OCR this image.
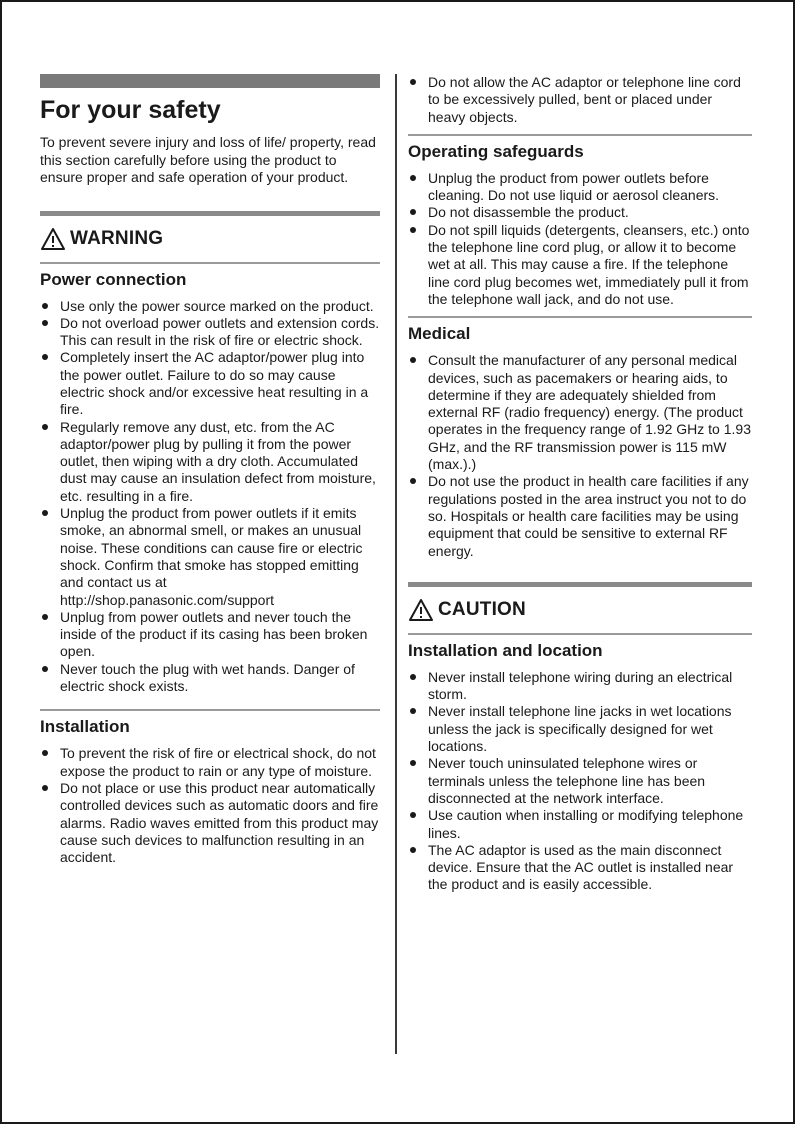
For your safety

To prevent severe injury and loss of life/ property, read this section carefully before using the product to ensure proper and safe operation of your product.

WARNING
Power connection
Use only the power source marked on the product.
Do not overload power outlets and extension cords. This can result in the risk of fire or electric shock.
Completely insert the AC adaptor/power plug into the power outlet. Failure to do so may cause electric shock and/or excessive heat resulting in a fire.
Regularly remove any dust, etc. from the AC adaptor/power plug by pulling it from the power outlet, then wiping with a dry cloth. Accumulated dust may cause an insulation defect from moisture, etc. resulting in a fire.
Unplug the product from power outlets if it emits smoke, an abnormal smell, or makes an unusual noise. These conditions can cause fire or electric shock. Confirm that smoke has stopped emitting and contact us at http://shop.panasonic.com/support
Unplug from power outlets and never touch the inside of the product if its casing has been broken open.
Never touch the plug with wet hands. Danger of electric shock exists.
Installation
To prevent the risk of fire or electrical shock, do not expose the product to rain or any type of moisture.
Do not place or use this product near automatically controlled devices such as automatic doors and fire alarms. Radio waves emitted from this product may cause such devices to malfunction resulting in an accident.
Do not allow the AC adaptor or telephone line cord to be excessively pulled, bent or placed under heavy objects.
Operating safeguards
Unplug the product from power outlets before cleaning. Do not use liquid or aerosol cleaners.
Do not disassemble the product.
Do not spill liquids (detergents, cleansers, etc.) onto the telephone line cord plug, or allow it to become wet at all. This may cause a fire. If the telephone line cord plug becomes wet, immediately pull it from the telephone wall jack, and do not use.
Medical
Consult the manufacturer of any personal medical devices, such as pacemakers or hearing aids, to determine if they are adequately shielded from external RF (radio frequency) energy. (The product operates in the frequency range of 1.92 GHz to 1.93 GHz, and the RF transmission power is 115 mW (max.).)
Do not use the product in health care facilities if any regulations posted in the area instruct you not to do so. Hospitals or health care facilities may be using equipment that could be sensitive to external RF energy.
CAUTION
Installation and location
Never install telephone wiring during an electrical storm.
Never install telephone line jacks in wet locations unless the jack is specifically designed for wet locations.
Never touch uninsulated telephone wires or terminals unless the telephone line has been disconnected at the network interface.
Use caution when installing or modifying telephone lines.
The AC adaptor is used as the main disconnect device. Ensure that the AC outlet is installed near the product and is easily accessible.
